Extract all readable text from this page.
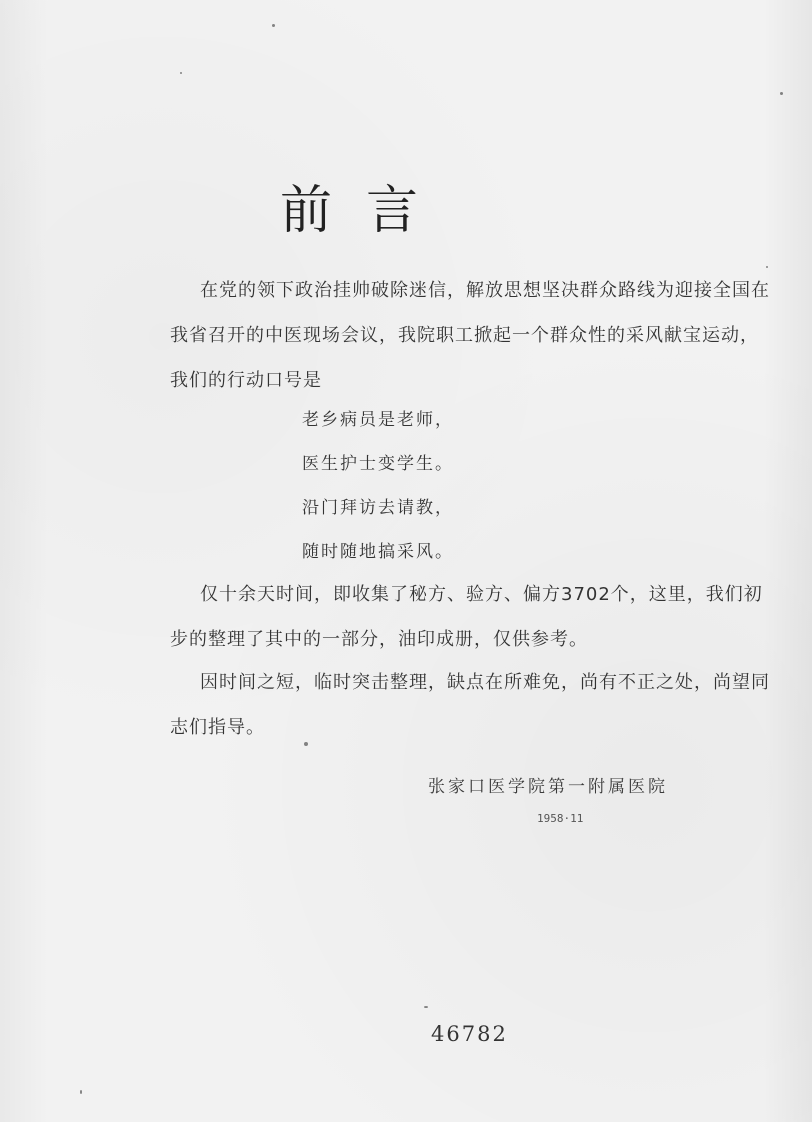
前言

在党的领下政治挂帅破除迷信，解放思想坚决群众路线为迎接全国在我省召开的中医现场会议，我院职工掀起一个群众性的采风献宝运动，我们的行动口号是

老乡病员是老师，
医生护士变学生。
沿门拜访去请教，
随时随地搞采风。

仅十余天时间，即收集了秘方、验方、偏方3702个，这里，我们初步的整理了其中的一部分，油印成册，仅供参考。

因时间之短，临时突击整理，缺点在所难免，尚有不正之处，尚望同志们指导。

张家口医学院第一附属医院
1958·11
46782
